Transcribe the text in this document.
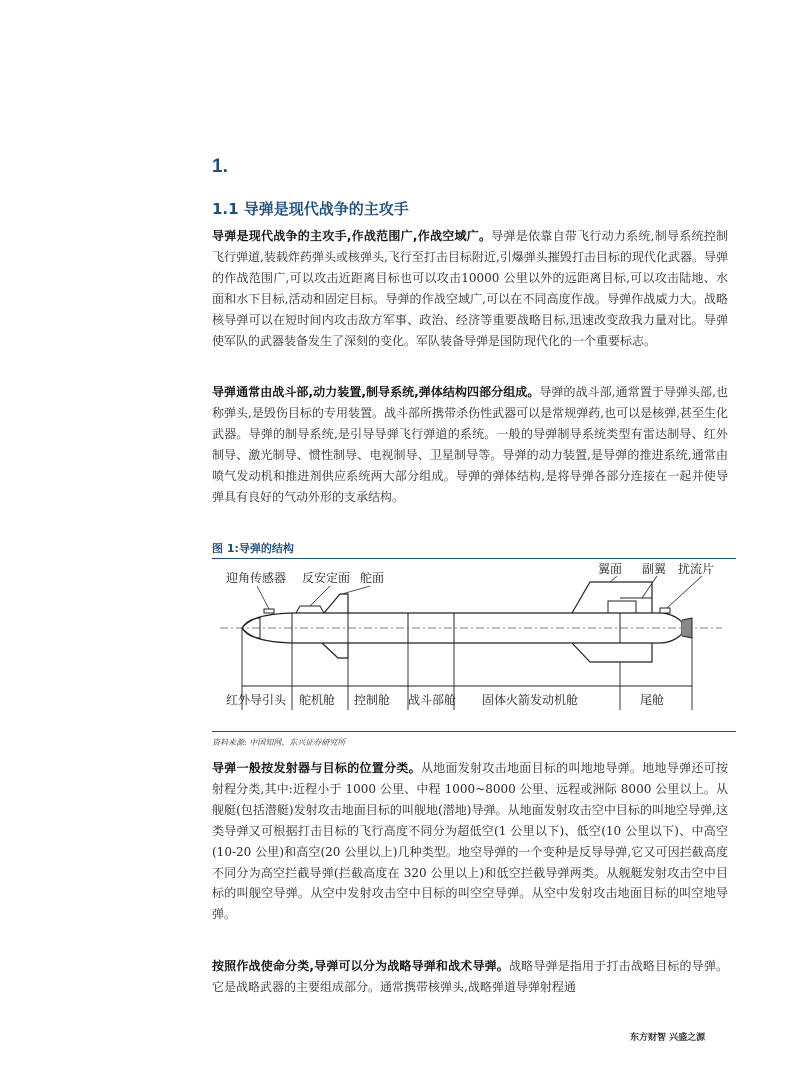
1.
1.1 导弹是现代战争的主攻手

导弹是现代战争的主攻手,作战范围广,作战空域广。导弹是依靠自带飞行动力系统,制导系统控制飞行弹道,装载炸药弹头或核弹头,飞行至打击目标附近,引爆弹头摧毁打击目标的现代化武器。导弹的作战范围广,可以攻击近距离目标也可以攻击10000 公里以外的远距离目标,可以攻击陆地、水面和水下目标,活动和固定目标。导弹的作战空域广,可以在不同高度作战。导弹作战威力大。战略核导弹可以在短时间内攻击敌方军事、政治、经济等重要战略目标,迅速改变敌我力量对比。导弹使军队的武器装备发生了深刻的变化。军队装备导弹是国防现代化的一个重要标志。

导弹通常由战斗部,动力装置,制导系统,弹体结构四部分组成。导弹的战斗部,通常置于导弹头部,也称弹头,是毁伤目标的专用装置。战斗部所携带杀伤性武器可以是常规弹药,也可以是核弹,甚至生化武器。导弹的制导系统,是引导导弹飞行弹道的系统。一般的导弹制导系统类型有雷达制导、红外制导、激光制导、惯性制导、电视制导、卫星制导等。导弹的动力装置,是导弹的推进系统,通常由喷气发动机和推进剂供应系统两大部分组成。导弹的弹体结构,是将导弹各部分连接在一起并使导弹具有良好的气动外形的支承结构。

图 1:导弹的结构
迎角传感器 反安定面 舵面
翼面 副翼 扰流片
红外导引头 舵机舱 控制舱 战斗部舱 固体火箭发动机舱	尾舱
资料来源: 中国知网、东兴证券研究所

导弹一般按发射器与目标的位置分类。从地面发射攻击地面目标的叫地地导弹。地地导弹还可按射程分类,其中:近程小于 1000 公里、中程 1000~8000 公里、远程或洲际 8000 公里以上。从舰艇(包括潜艇)发射攻击地面目标的叫舰地(潜地)导弹。从地面发射攻击空中目标的叫地空导弹,这类导弹又可根据打击目标的飞行高度不同分为超低空(1 公里以下)、低空(10 公里以下)、中高空(10-20 公里)和高空(20 公里以上)几种类型。地空导弹的一个变种是反导导弹,它又可因拦截高度不同分为高空拦截导弹(拦截高度在 320 公里以上)和低空拦截导弹两类。从舰艇发射攻击空中目标的叫舰空导弹。从空中发射攻击空中目标的叫空空导弹。从空中发射攻击地面目标的叫空地导弹。

按照作战使命分类,导弹可以分为战略导弹和战术导弹。战略导弹是指用于打击战略目标的导弹。它是战略武器的主要组成部分。通常携带核弹头,战略弹道导弹射程通

东方财智 兴盛之源
